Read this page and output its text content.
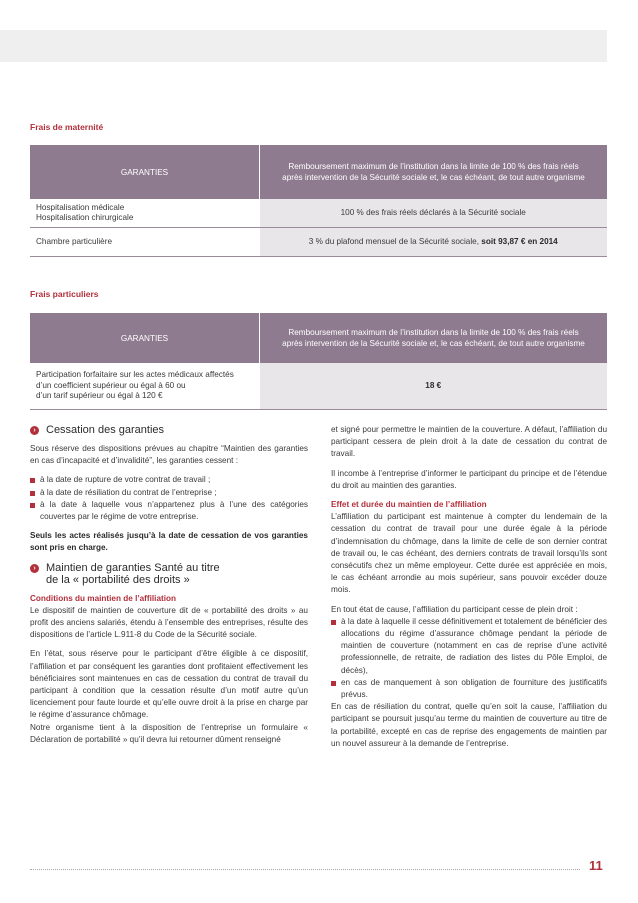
Frais de maternité
GARANTIES	Remboursement maximum de l’institution dans la limite de 100 % des frais réels
après intervention de la Sécurité sociale et, le cas échéant, de tout autre organisme

Hospitalisation médicale
Hospitalisation chirurgicale	100 % des frais réels déclarés à la Sécurité sociale
Chambre particulière	3 % du plafond mensuel de la Sécurité sociale, soit 93,87 € en 2014
Frais particuliers
GARANTIES	Remboursement maximum de l’institution dans la limite de 100 % des frais réels
après intervention de la Sécurité sociale et, le cas échéant, de tout autre organisme

Participation forfaitaire sur les actes médicaux affectés
d’un coefficient supérieur ou égal à 60 ou
d’un tarif supérieur ou égal à 120 €	18 €
› Cessation des garanties

Sous réserve des dispositions prévues au chapitre “Maintien des garanties en cas d’incapacité et d’invalidité”, les garanties cessent :

à la date de rupture de votre contrat de travail ;
à la date de résiliation du contrat de l’entreprise ;
à la date à laquelle vous n’appartenez plus à l’une des catégories couvertes par le régime de votre entreprise.

Seuls les actes réalisés jusqu’à la date de cessation de vos garanties sont pris en charge.

› Maintien de garanties Santé au titre
de la « portabilité des droits »

Conditions du maintien de l’affiliation

Le dispositif de maintien de couverture dit de « portabilité des droits » au profit des anciens salariés, étendu à l’ensemble des entreprises, résulte des dispositions de l’article L.911-8 du Code de la Sécurité sociale.

En l’état, sous réserve pour le participant d’être éligible à ce dispositif, l’affiliation et par conséquent les garanties dont profitaient effectivement les bénéficiaires sont maintenues en cas de cessation du contrat de travail du participant à condition que la cessation résulte d’un motif autre qu’un licenciement pour faute lourde et qu’elle ouvre droit à la prise en charge par le régime d’assurance chômage.

Notre organisme tient à la disposition de l’entreprise un formulaire « Déclaration de portabilité » qu’il devra lui retourner dûment renseigné

et signé pour permettre le maintien de la couverture. A défaut, l’affiliation du participant cessera de plein droit à la date de cessation du contrat de travail.

Il incombe à l’entreprise d’informer le participant du principe et de l’étendue du droit au maintien des garanties.

Effet et durée du maintien de l’affiliation

L’affiliation du participant est maintenue à compter du lendemain de la cessation du contrat de travail pour une durée égale à la période d’indemnisation du chômage, dans la limite de celle de son dernier contrat de travail ou, le cas échéant, des derniers contrats de travail lorsqu’ils sont consécutifs chez un même employeur. Cette durée est appréciée en mois, le cas échéant arrondie au mois supérieur, sans pouvoir excéder douze mois.

En tout état de cause, l’affiliation du participant cesse de plein droit :

à la date à laquelle il cesse définitivement et totalement de bénéficier des allocations du régime d’assurance chômage pendant la période de maintien de couverture (notamment en cas de reprise d’une activité professionnelle, de retraite, de radiation des listes du Pôle Emploi, de décès),
en cas de manquement à son obligation de fourniture des justificatifs prévus.

En cas de résiliation du contrat, quelle qu’en soit la cause, l’affiliation du participant se poursuit jusqu’au terme du maintien de couverture au titre de la portabilité, excepté en cas de reprise des engagements de maintien par un nouvel assureur à la demande de l’entreprise.

11
